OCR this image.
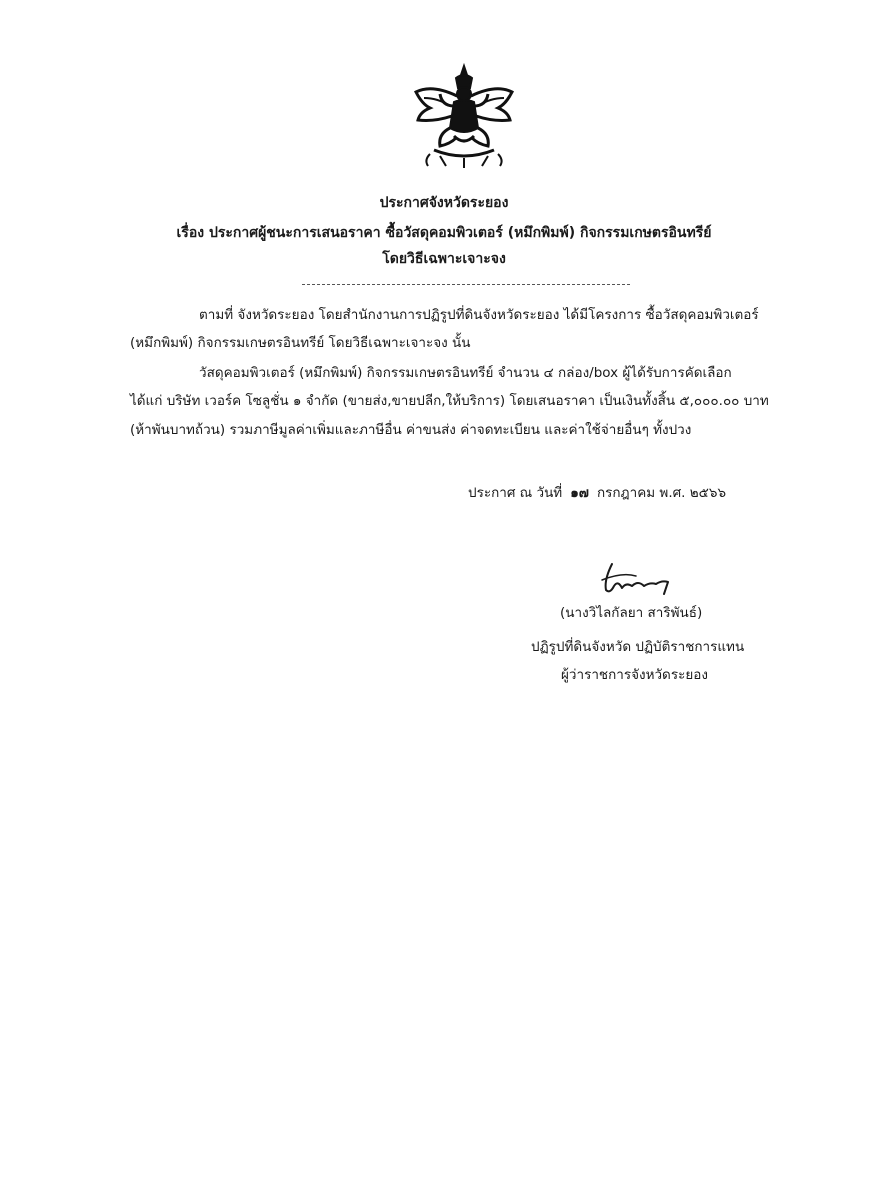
ประกาศจังหวัดระยอง
เรื่อง ประกาศผู้ชนะการเสนอราคา ซื้อวัสดุคอมพิวเตอร์ (หมึกพิมพ์) กิจกรรมเกษตรอินทรีย์
โดยวิธีเฉพาะเจาะจง
ตามที่ จังหวัดระยอง โดยสำนักงานการปฏิรูปที่ดินจังหวัดระยอง ได้มีโครงการ ซื้อวัสดุคอมพิวเตอร์
(หมึกพิมพ์) กิจกรรมเกษตรอินทรีย์ โดยวิธีเฉพาะเจาะจง นั้น
วัสดุคอมพิวเตอร์ (หมึกพิมพ์) กิจกรรมเกษตรอินทรีย์ จำนวน ๔ กล่อง/box ผู้ได้รับการคัดเลือก
ได้แก่ บริษัท เวอร์ค โซลูชั่น ๑ จำกัด (ขายส่ง,ขายปลีก,ให้บริการ) โดยเสนอราคา เป็นเงินทั้งสิ้น ๕,๐๐๐.๐๐ บาท
(ห้าพันบาทถ้วน) รวมภาษีมูลค่าเพิ่มและภาษีอื่น ค่าขนส่ง ค่าจดทะเบียน และค่าใช้จ่ายอื่นๆ ทั้งปวง
ประกาศ ณ วันที่ ๑๗ กรกฎาคม พ.ศ. ๒๕๖๖
(นางวิไลกัลยา สาริพันธ์)
ปฏิรูปที่ดินจังหวัด ปฏิบัติราชการแทน
ผู้ว่าราชการจังหวัดระยอง
